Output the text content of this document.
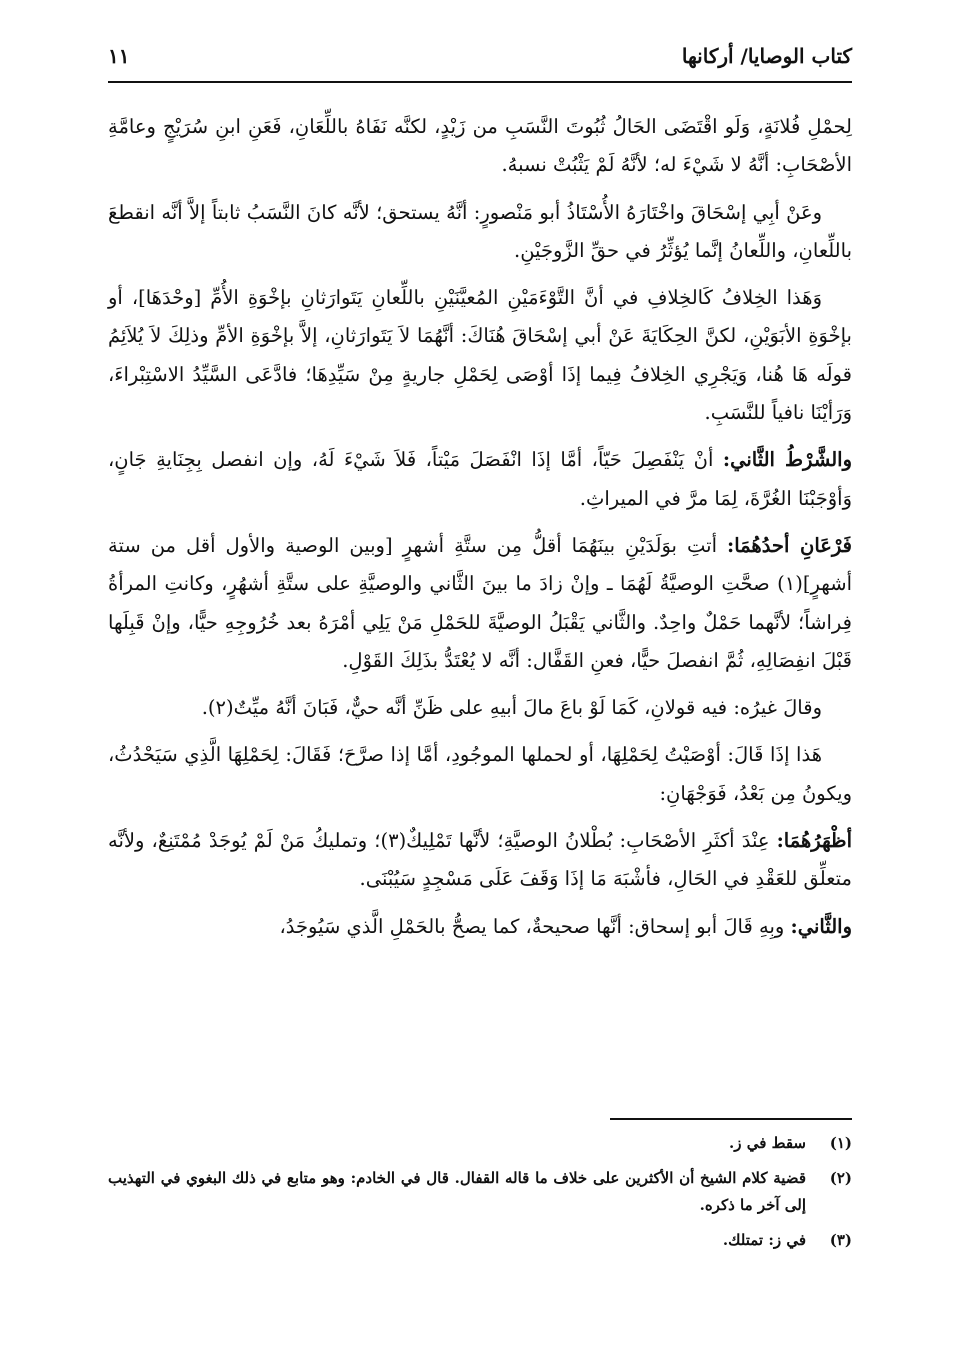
كتاب الوصايا/ أركانها
١١

لِحمْلِ فُلانَةٍ، وَلَو اقْتَضَى الحَالُ ثُبُوتَ النَّسَبِ من زَيْدٍ، لكنَّه نَفَاهُ باللِّعَانِ، فَعَنِ ابنِ سُرَيْجٍ وعامَّةِ الأصْحَابِ: أنَّهُ لا شَيْءَ له؛ لأنَّهُ لَمْ يَثْبُتْ نسبهُ.

وعَنْ أبِي إسْحَاقَ واخْتَارَهُ الأُسْتَاذُ أبو مَنْصورٍ: أنَّهُ يستحق؛ لأنَّه كانَ النَّسَبُ ثابتاً إلاَّ أنَّه انقطعَ باللِّعانِ، واللِّعانُ إنَّما يُؤثِّرُ في حقِّ الزَّوجَيْنِ.

وَهَذا الخِلافُ كَالخِلافِ في أنَّ التَّوْءَمَيْنِ المُعيَّنَيْنِ باللِّعانِ يَتَوارَثانِ بإخْوَةِ الأُمِّ [وحْدَهَا]، أو بإخْوَةِ الأبَوَيْنِ، لكنَّ الحِكَايَةَ عَنْ أبي إسْحَاقَ هُنَاكَ: أنَّهُمَا لاَ يَتَوارَثانِ، إلاَّ بإخْوَةِ الأمِّ وذلِكَ لاَ يُلاَئِمُ قولَه هَا هُنا، وَيَجْرِي الخِلافُ فِيما إذَا أوْصَى لِحَمْلِ جاريةٍ مِنْ سَيِّدِهَا؛ فادَّعَى السَّيِّدُ الاسْتِبْراءَ، وَرَأيْنَا نافياً للنَّسَبِ.

والشَّرْطُ الثَّاني: أنْ يَنْفَصِلَ حَيّاً، أمَّا إذَا انْفَصَلَ مَيْتاً، فَلاَ شَيْءَ لَهُ، وإن انفصل بِجِنَايةِ جَانٍ، وَأوْجَبْنَا الغُرَّةَ، لِمَا مرَّ في الميراثِ.

فَرْعَانِ أحدُهُمَا: أتتِ بوَلَدَيْنِ بينَهُمَا أقلُّ مِن ستَّةِ أشهرٍ [وبين الوصية والأول أقل من ستة أشهرٍ](١) صحَّتِ الوصيَّةُ لَهُمَا ـ وإنْ زادَ ما بينَ الثَّاني والوصيَّةِ على ستَّةِ أشهُرٍ، وكانتِ المرأةُ فِراشاً؛ لأنَّهما حَمْلٌ واحِدٌ. والثَّاني يَقْبَلُ الوصيَّةَ للحَمْلِ مَنْ يَلِي أمْرَهُ بعد خُرُوجِهِ حيًّا، وإنْ قَبِلَها قَبْلَ انفِصَالِهِ، ثُمَّ انفصلَ حيًّا، فعنِ القَفَّال: أنَّه لا يُعْتَدُّ بذَلِكَ القَوْلِ.

وقالَ غيرُه: فيه قولانِ، كَمَا لَوْ باعَ مالَ أبيهِ على ظَنِّ أنَّه حيٌّ، فَبَانَ أنَّهُ ميِّتٌ(٢).

هَذا إذَا قَالَ: أوْصَيْتُ لِحَمْلِهَا، أو لحملها الموجُودِ، أمَّا إذا صرَّحَ؛ فَقَالَ: لِحَمْلِهَا الَّذِي سَيَحْدُثُ، ويكونُ مِن بَعْدُ، فَوَجْهَانِ:

أظْهَرُهُمَا: عِنْدَ أكثَرِ الأصْحَابِ: بُطْلانُ الوصيَّةِ؛ لأنَّها تَمْلِيكٌ(٣)؛ وتمليكُ مَنْ لَمْ يُوجَدْ مُمْتَنِعٌ، ولأنَّه متعلِّق للعَقْدِ في الحَالِ، فأشْبَهَ مَا إذَا وَقَفَ عَلَى مَسْجِدٍ سَيُبْنَى.

والثَّاني: وبِهِ قَالَ أبو إسحاق: أنَّها صحيحةٌ، كما يصحُّ بالحَمْلِ الَّذي سَيُوجَدُ،

(١)
سقط في ز.
(٢)
قضية كلام الشيخ أن الأكثرين على خلاف ما قاله القفال. قال في الخادم: وهو متابع في ذلك البغوي في التهذيب إلى آخر ما ذكره.
(٣)
في ز: تمتلك.
